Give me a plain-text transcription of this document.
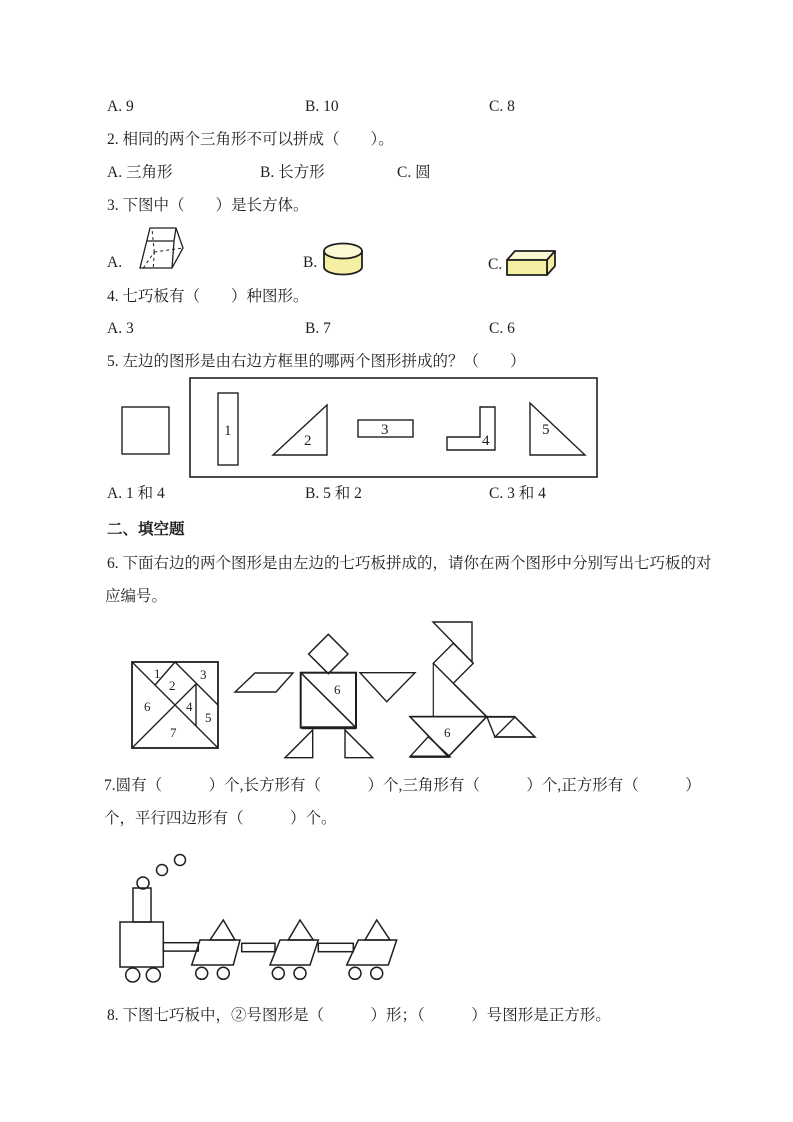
A. 9	B. 10	C. 8
2. 相同的两个三角形不可以拼成（　　）。
A. 三角形	B. 长方形	C. 圆
3. 下图中（　　）是长方体。
A.	B.	C.
4. 七巧板有（　　）种图形。
A. 3	B. 7	C. 6
5. 左边的图形是由右边方框里的哪两个图形拼成的？（　　）
1
2
3
4
5
A. 1 和 4	B. 5 和 2	C. 3 和 4
二、填空题
6. 下面右边的两个图形是由左边的七巧板拼成的，请你在两个图形中分别写出七巧板的对
应编号。
1
2
3
4
5
6
7
6
6
7.圆有（　　　）个,长方形有（　　　）个,三角形有（　　　）个,正方形有（　　　）
个，平行四边形有（　　　）个。
8. 下图七巧板中，②号图形是（　　　）形；（　　　）号图形是正方形。
